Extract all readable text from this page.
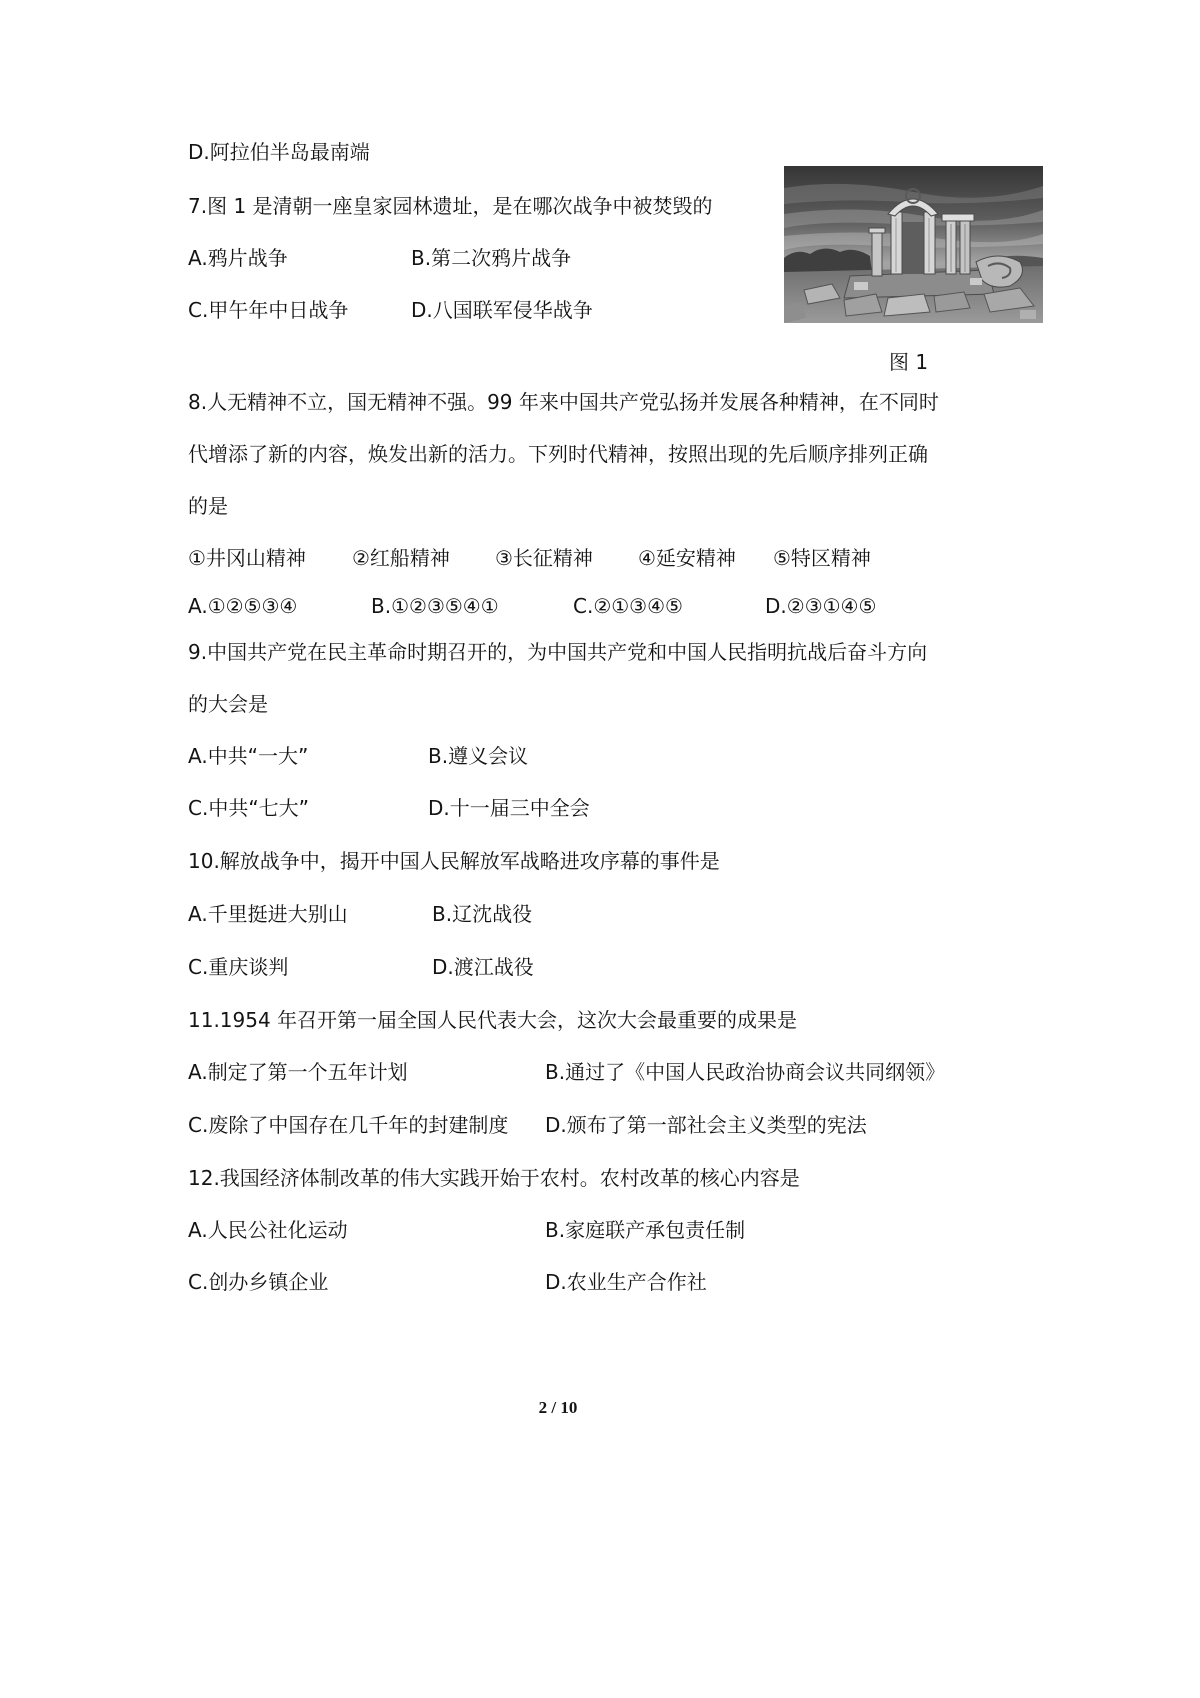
D.阿拉伯半岛最南端
7.图 1 是清朝一座皇家园林遗址，是在哪次战争中被焚毁的
A.鸦片战争	B.第二次鸦片战争
C.甲午年中日战争	D.八国联军侵华战争
图 1
8.人无精神不立，国无精神不强。99 年来中国共产党弘扬并发展各种精神，在不同时
代增添了新的内容，焕发出新的活力。下列时代精神，按照出现的先后顺序排列正确
的是
①井冈山精神 ②红船精神 ③长征精神 ④延安精神 ⑤特区精神
A.①②⑤③④	B.①②③⑤④①	C.②①③④⑤	D.②③①④⑤
9.中国共产党在民主革命时期召开的，为中国共产党和中国人民指明抗战后奋斗方向
的大会是
A.中共“一大”	B.遵义会议
C.中共“七大”	D.十一届三中全会
10.解放战争中，揭开中国人民解放军战略进攻序幕的事件是
A.千里挺进大别山	B.辽沈战役
C.重庆谈判	D.渡江战役
11.1954 年召开第一届全国人民代表大会，这次大会最重要的成果是
A.制定了第一个五年计划	B.通过了《中国人民政治协商会议共同纲领》
C.废除了中国存在几千年的封建制度 D.颁布了第一部社会主义类型的宪法
12.我国经济体制改革的伟大实践开始于农村。农村改革的核心内容是
A.人民公社化运动	B.家庭联产承包责任制
C.创办乡镇企业	D.农业生产合作社
2 / 10
